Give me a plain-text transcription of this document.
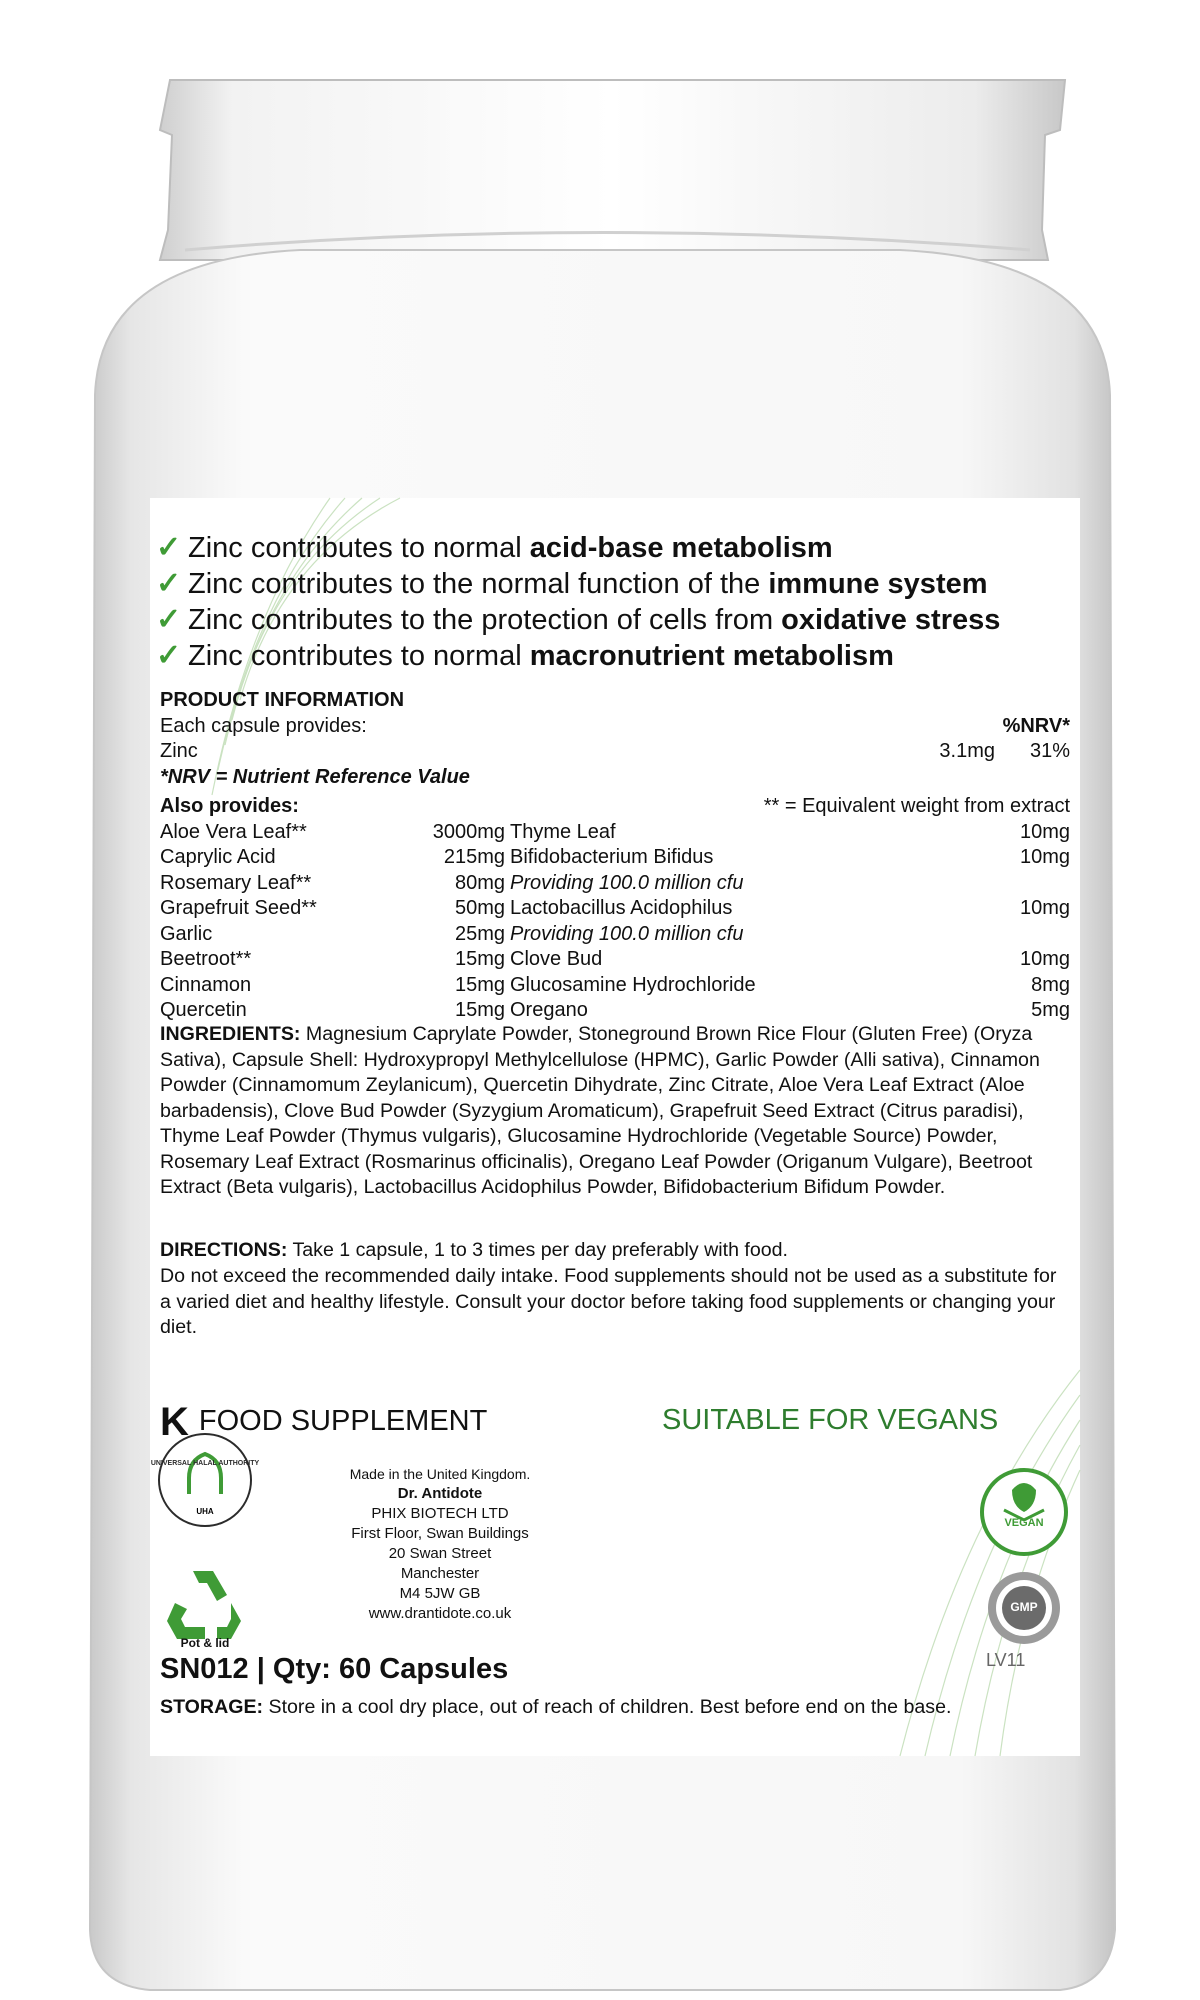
UHA
✓ Zinc contributes to normal acid-base metabolism
✓ Zinc contributes to the normal function of the immune system
✓ Zinc contributes to the protection of cells from oxidative stress
✓ Zinc contributes to normal macronutrient metabolism
PRODUCT INFORMATION
Each capsule provides:	%NRV*
Zinc	3.1mg 31%
*NRV = Nutrient Reference Value
Also provides:	** = Equivalent weight from extract
Aloe Vera Leaf**	3000mg Thyme Leaf	10mg
Caprylic Acid	215mg Bifidobacterium Bifidus	10mg
Rosemary Leaf**	80mg Providing 100.0 million cfu
Grapefruit Seed**	50mg Lactobacillus Acidophilus	10mg
Garlic	25mg Providing 100.0 million cfu
Beetroot**	15mg Clove Bud	10mg
Cinnamon	15mg Glucosamine Hydrochloride	8mg
Quercetin	15mg Oregano	5mg
INGREDIENTS: Magnesium Caprylate Powder, Stoneground Brown Rice Flour (Gluten Free) (Oryza Sativa), Capsule Shell: Hydroxypropyl Methylcellulose (HPMC), Garlic Powder (Alli sativa), Cinnamon Powder (Cinnamomum Zeylanicum), Quercetin Dihydrate, Zinc Citrate, Aloe Vera Leaf Extract (Aloe barbadensis), Clove Bud Powder (Syzygium Aromaticum), Grapefruit Seed Extract (Citrus paradisi), Thyme Leaf Powder (Thymus vulgaris), Glucosamine Hydrochloride (Vegetable Source) Powder, Rosemary Leaf Extract (Rosmarinus officinalis), Oregano Leaf Powder (Origanum Vulgare), Beetroot Extract (Beta vulgaris), Lactobacillus Acidophilus Powder, Bifidobacterium Bifidum Powder.
DIRECTIONS: Take 1 capsule, 1 to 3 times per day preferably with food.
Do not exceed the recommended daily intake. Food supplements should not be used as a substitute for a varied diet and healthy lifestyle. Consult your doctor before taking food supplements or changing your diet.
K FOOD SUPPLEMENT	SUITABLE FOR VEGANS
Made in the United Kingdom.
Dr. Antidote
PHIX BIOTECH LTD
First Floor, Swan Buildings
20 Swan Street
Manchester
M4 5JW GB
www.drantidote.co.uk
UNIVERSAL HALAL AUTHORITY
Pot & lid
VEGAN
GMP
SN012 | Qty: 60 Capsules	LV11
STORAGE: Store in a cool dry place, out of reach of children. Best before end on the base.
